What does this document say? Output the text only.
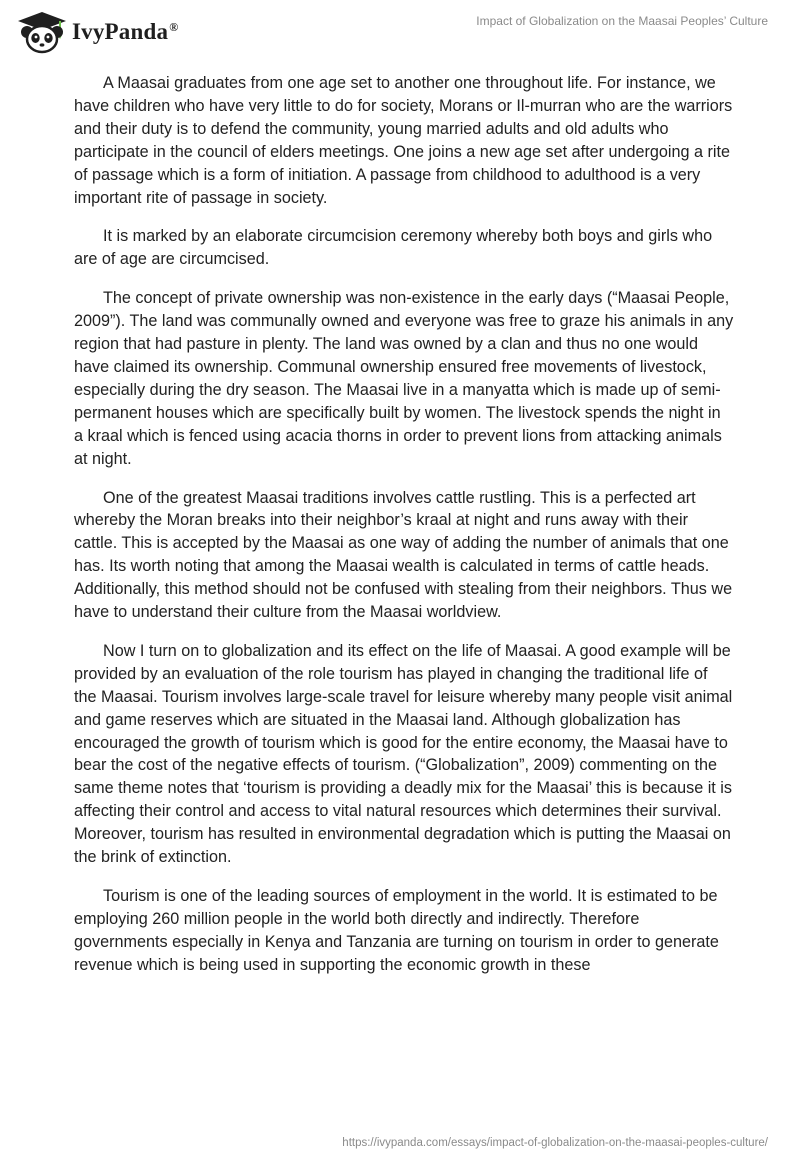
IvyPanda®	Impact of Globalization on the Maasai Peoples’ Culture

A Maasai graduates from one age set to another one throughout life. For instance, we have children who have very little to do for society, Morans or Il-murran who are the warriors and their duty is to defend the community, young married adults and old adults who participate in the council of elders meetings. One joins a new age set after undergoing a rite of passage which is a form of initiation. A passage from childhood to adulthood is a very important rite of passage in society.

It is marked by an elaborate circumcision ceremony whereby both boys and girls who are of age are circumcised.

The concept of private ownership was non-existence in the early days (“Maasai People, 2009”). The land was communally owned and everyone was free to graze his animals in any region that had pasture in plenty. The land was owned by a clan and thus no one would have claimed its ownership. Communal ownership ensured free movements of livestock, especially during the dry season. The Maasai live in a manyatta which is made up of semi-permanent houses which are specifically built by women. The livestock spends the night in a kraal which is fenced using acacia thorns in order to prevent lions from attacking animals at night.

One of the greatest Maasai traditions involves cattle rustling. This is a perfected art whereby the Moran breaks into their neighbor’s kraal at night and runs away with their cattle. This is accepted by the Maasai as one way of adding the number of animals that one has. Its worth noting that among the Maasai wealth is calculated in terms of cattle heads. Additionally, this method should not be confused with stealing from their neighbors. Thus we have to understand their culture from the Maasai worldview.

Now I turn on to globalization and its effect on the life of Maasai. A good example will be provided by an evaluation of the role tourism has played in changing the traditional life of the Maasai. Tourism involves large-scale travel for leisure whereby many people visit animal and game reserves which are situated in the Maasai land. Although globalization has encouraged the growth of tourism which is good for the entire economy, the Maasai have to bear the cost of the negative effects of tourism. (“Globalization”, 2009) commenting on the same theme notes that ‘tourism is providing a deadly mix for the Maasai’ this is because it is affecting their control and access to vital natural resources which determines their survival. Moreover, tourism has resulted in environmental degradation which is putting the Maasai on the brink of extinction.

Tourism is one of the leading sources of employment in the world. It is estimated to be employing 260 million people in the world both directly and indirectly. Therefore governments especially in Kenya and Tanzania are turning on tourism in order to generate revenue which is being used in supporting the economic growth in these

https://ivypanda.com/essays/impact-of-globalization-on-the-maasai-peoples-culture/
